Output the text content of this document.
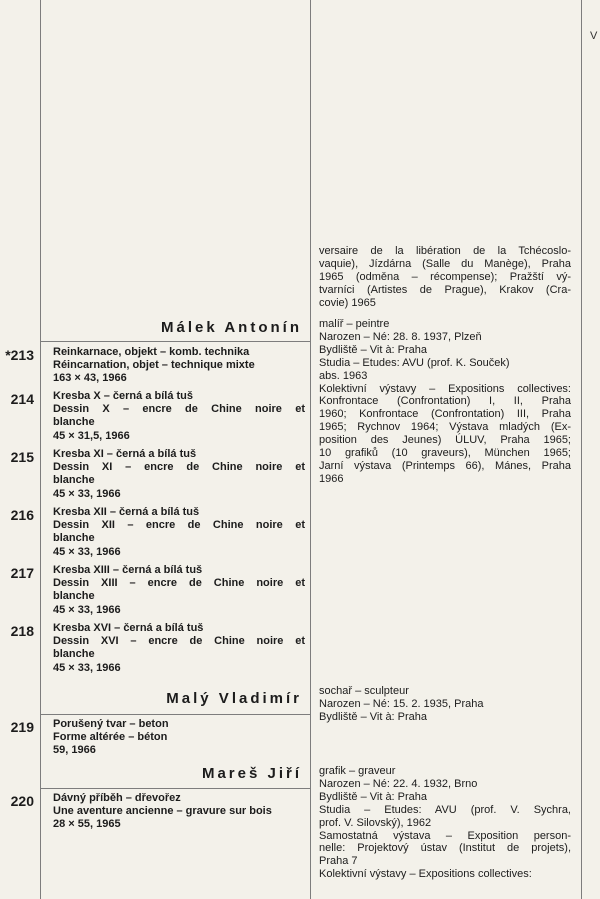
V
versaire de la libération de la Tchécoslo-
vaquie), Jízdárna (Salle du Manège), Praha
1965 (odměna – récompense); Pražští vý-
tvarníci (Artistes de Prague), Krakov (Cra-
covie) 1965
Málek Antonín malíř – peintre
Narozen – Né: 28. 8. 1937, Plzeň
Bydliště – Vit à: Praha
Studia – Etudes: AVU (prof. K. Souček)
abs. 1963
Kolektivní výstavy – Expositions collectives:
Konfrontace (Confrontation) I, II, Praha
1960; Konfrontace (Confrontation) III, Praha
1965; Rychnov 1964; Výstava mladých (Ex-
position des Jeunes) ÚLUV, Praha 1965;
10 grafiků (10 graveurs), München 1965;
Jarní výstava (Printemps 66), Mánes, Praha
1966
*213 Reinkarnace, objekt – komb. technika
Réincarnation, objet – technique mixte
163 × 43, 1966
214 Kresba X – černá a bílá tuš
Dessin X – encre de Chine noire et
blanche
45 × 31,5, 1966
215 Kresba XI – černá a bílá tuš
Dessin XI – encre de Chine noire et
blanche
45 × 33, 1966
216 Kresba XII – černá a bílá tuš
Dessin XII – encre de Chine noire et
blanche
45 × 33, 1966
217 Kresba XIII – černá a bílá tuš
Dessin XIII – encre de Chine noire et
blanche
45 × 33, 1966
218 Kresba XVI – černá a bílá tuš
Dessin XVI – encre de Chine noire et
blanche
45 × 33, 1966
Malý Vladimír sochař – sculpteur
Narozen – Né: 15. 2. 1935, Praha
Bydliště – Vit à: Praha
219 Porušený tvar – beton
Forme altérée – béton
59, 1966
Mareš Jiří grafik – graveur
Narozen – Né: 22. 4. 1932, Brno
Bydliště – Vit à: Praha
Studia – Etudes: AVU (prof. V. Sychra,
prof. V. Silovský), 1962
Samostatná výstava – Exposition person-
nelle: Projektový ústav (Institut de projets),
Praha 7
Kolektivní výstavy – Expositions collectives:
220 Dávný příběh – dřevořez
Une aventure ancienne – gravure sur bois
28 × 55, 1965
